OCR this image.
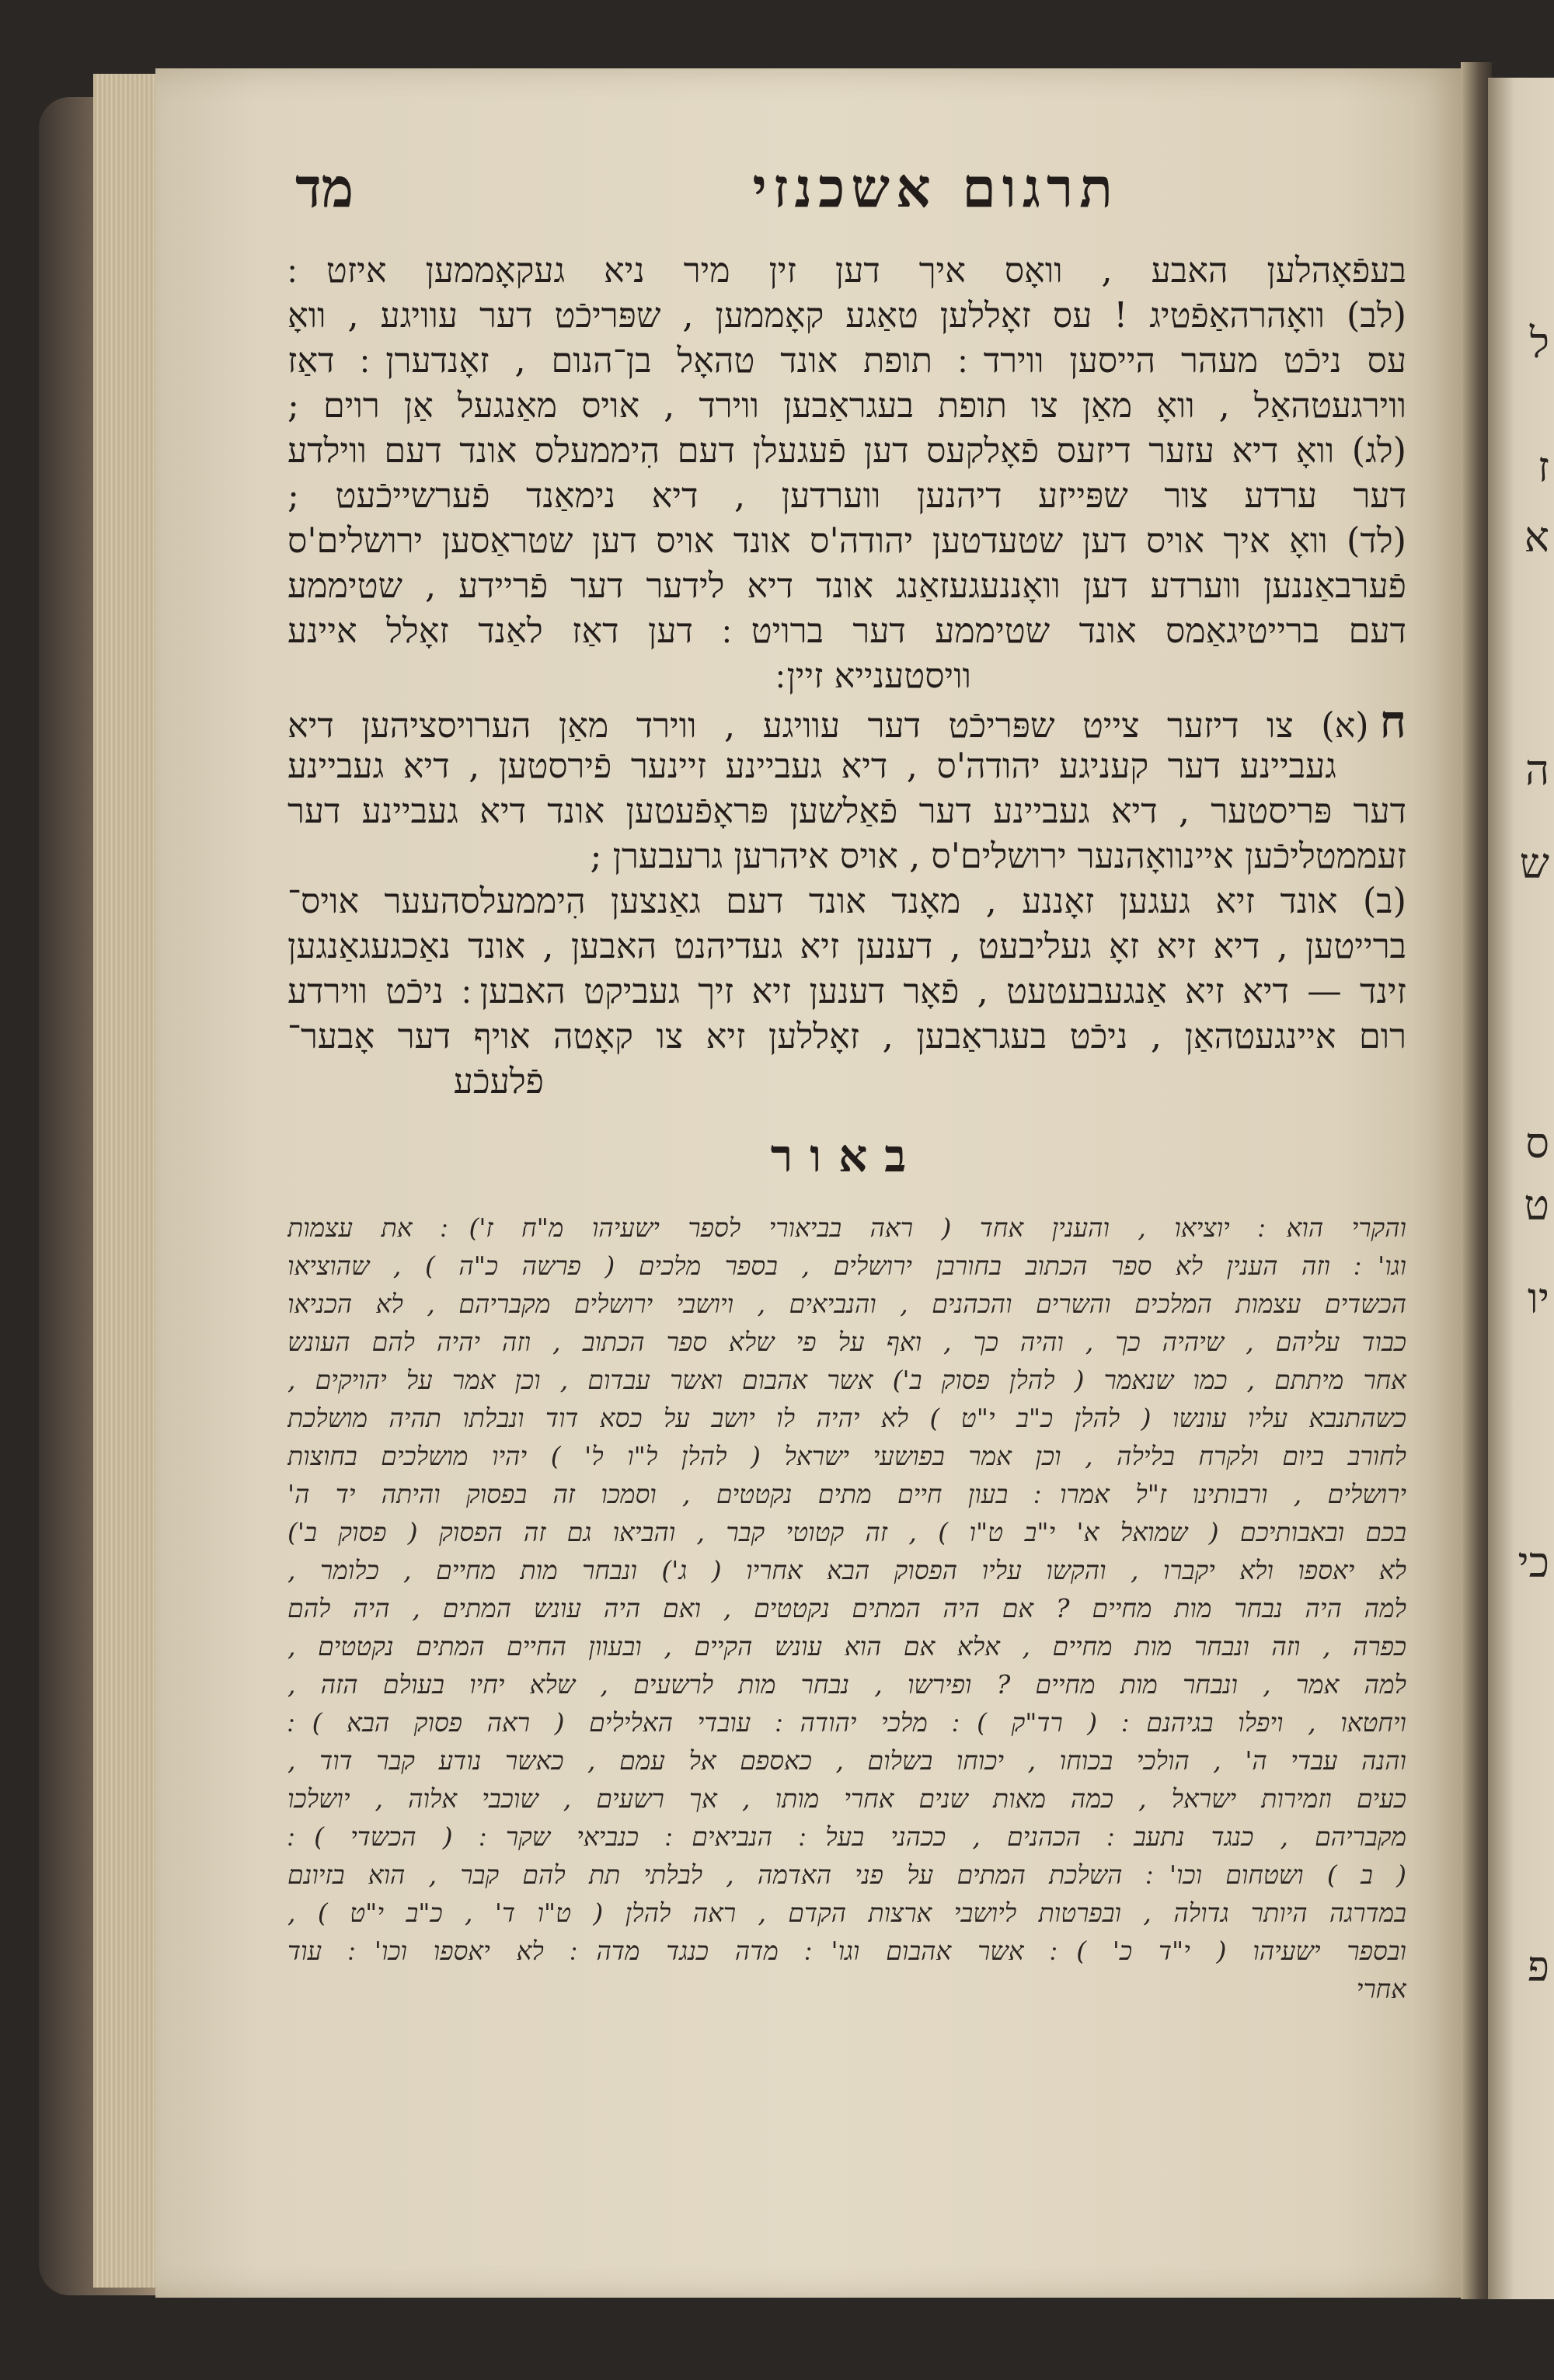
ל
ז
א
ה
ש
ס
ט
יו
כי
פ
תרגום אשכנזי
מד
בעפֿאָהלען האבע , וואָס איך דען זין מיר ניא געקאָממען איזט ׃
(לב) וואָהרהאַפֿטיג ! עס זאָללען טאַגע קאָממען , שפּריכֿט דער עוויגע , וואָ
עס ניכֿט מעהר הייסען ווירד ׃ תופת אונד טהאָל בן־הנום , זאָנדערן ׃ דאַז
ווירגעטהאַל , וואָ מאַן צו תופת בעגראַבען ווירד , אויס מאַנגעל אַן רוים ;
(לג) וואָ דיא עזער דיזעס פֿאָלקעס דען פֿעגעלן דעם הִיממעלס אונד דעם ווילדע
דער ערדע צור שפּייזע דיהנען ווערדען , דיא נימאַנד פֿערשייכֿעט ;
(לד) וואָ איך אויס דען שטעדטען יהודה'ס אונד אויס דען שטראַסען ירושלים'ס
פֿערבאַננען ווערדע דען וואָננעגעזאַנג אונד דיא לידער דער פֿריידע , שטיממע
דעם ברייטיגאַמס אונד שטיממע דער ברויט ׃ דען דאַז לאַנד זאָלל איינע
וויסטענייא זיין ׃
ח(א) צו דיזער צייט שפּריכֿט דער עוויגע , ווירד מאַן הערויסציהען דיא
געביינע דער קעניגע יהודה'ס , דיא געביינע זיינער פֿירסטען , דיא געביינע
דער פּריסטער , דיא געביינע דער פֿאַלשען פּראָפֿעטען אונד דיא געביינע דער
זעממטליכֿען איינוואָהנער ירושלים'ס , אויס איהרען גרעבערן ;
(ב) אונד זיא געגען זאָננע , מאָנד אונד דעם גאַנצען הִיממעלסהעער אויס־
ברייטען , דיא זיא זאָ געליבעט , דענען זיא געדיהנט האבען , אונד נאַכגעגאַנגען
זינד — דיא זיא אַנגעבעטעט , פֿאָר דענען זיא זיך געביקט האבען ׃ ניכֿט ווירדע
רום איינגעטהאַן , ניכֿט בעגראַבען , זאָללען זיא צו קאָטה אויף דער אָבער־
פֿלעכֿע
באור
והקרי הוא ׃ יוציאו , והענין אחד ( ראה בביאורי לספר ישעיהו מ"ח ז') ׃ את עצמות
וגו' ׃ וזה הענין לא ספר הכתוב בחורבן ירושלים , בספר מלכים ( פרשה כ"ה ) , שהוציאו
הכשדים עצמות המלכים והשרים והכהנים , והנביאים , ויושבי ירושלים מקבריהם , לא הכניאו
כבוד עליהם , שיהיה כך , והיה כך , ואף על פי שלא ספר הכתוב , וזה יהיה להם העונש
אחר מיתתם , כמו שנאמר ( להלן פסוק ב') אשר אהבום ואשר עבדום , וכן אמר על יהויקים ,
כשהתנבא עליו עונשו ( להלן כ"ב י"ט ) לא יהיה לו יושב על כסא דוד ונבלתו תהיה מושלכת
לחורב ביום ולקרח בלילה , וכן אמר בפושעי ישראל ( להלן ל"ו ל' ) יהיו מושלכים בחוצות
ירושלים , ורבותינו ז"ל אמרו ׃ בעון חיים מתים נקטטים , וסמכו זה בפסוק והיתה יד ה'
בכם ובאבותיכם ( שמואל א' י"ב ט"ו ) , זה קטוטי קבר , והביאו גם זה הפסוק ( פסוק ב')
לא יאספו ולא יקברו , והקשו עליו הפסוק הבא אחריו ( ג') ונבחר מות מחיים , כלומר ,
למה היה נבחר מות מחיים ? אם היה המתים נקטטים , ואם היה עונש המתים , היה להם
כפרה , וזה ונבחר מות מחיים , אלא אם הוא עונש הקיים , ובעוון החיים המתים נקטטים ,
למה אמר , ונבחר מות מחיים ? ופירשו , נבחר מות לרשעים , שלא יחיו בעולם הזה ,
ויחטאו , ויפלו בגיהנם ׃ ( רד"ק ) ׃ מלכי יהודה ׃ עובדי האלילים ( ראה פסוק הבא ) ׃
והנה עבדי ה' , הולכי בכוחו , יכוחו בשלום , כאספם אל עמם , כאשר נודע קבר דוד ,
כעים וזמירות ישראל , כמה מאות שנים אחרי מותו , אך רשעים , שוכבי אלוה , יושלכו
מקבריהם , כנגד נתעב ׃ הכהנים , ככהני בעל ׃ הנביאים ׃ כנביאי שקר ׃ ( הכשדי ) ׃
( ב ) ושטחום וכו' ׃ השלכת המתים על פני האדמה , לבלתי תת להם קבר , הוא בזיונם
במדרגה היותר גדולה , ובפרטות ליושבי ארצות הקדם , ראה להלן ( ט"ו ד' , כ"ב י"ט ) ,
ובספר ישעיהו ( י"ד כ' ) ׃ אשר אהבום וגו' ׃ מדה כנגד מדה ׃ לא יאספו וכו' ׃ עוד
אחרי
